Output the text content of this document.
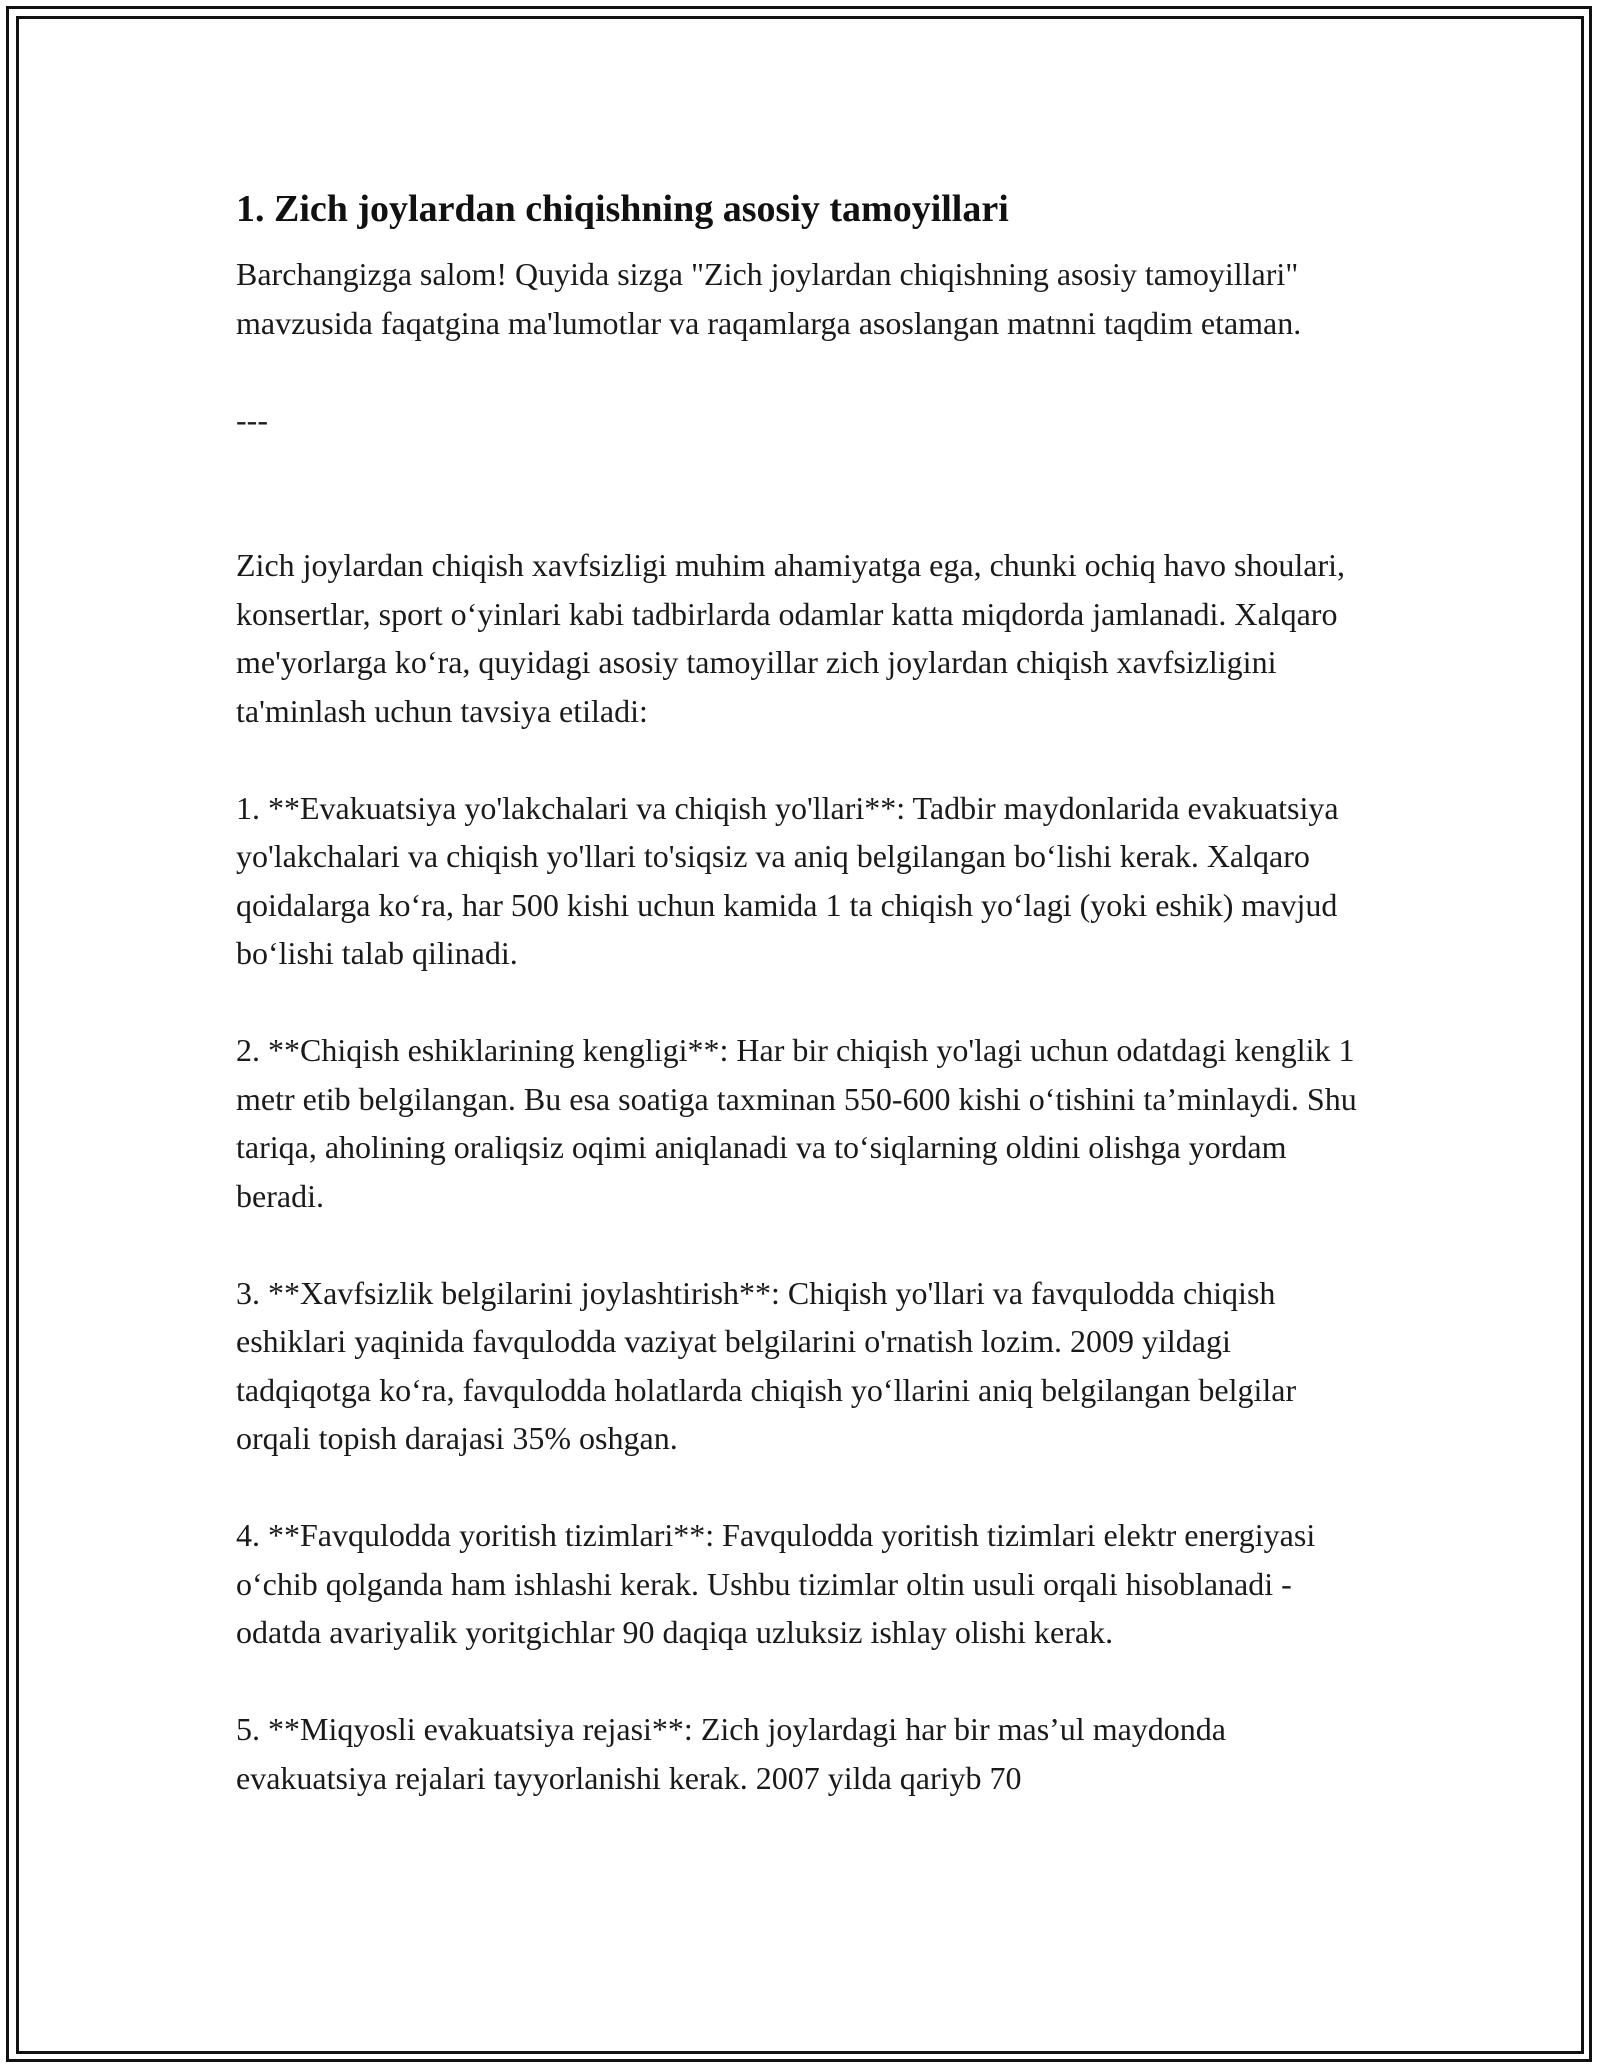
1. Zich joylardan chiqishning asosiy tamoyillari

Barchangizga salom! Quyida sizga "Zich joylardan chiqishning asosiy tamoyillari" mavzusida faqatgina ma'lumotlar va raqamlarga asoslangan matnni taqdim etaman.

---

Zich joylardan chiqish xavfsizligi muhim ahamiyatga ega, chunki ochiq havo shoulari, konsertlar, sport oʻyinlari kabi tadbirlarda odamlar katta miqdorda jamlanadi. Xalqaro me'yorlarga koʻra, quyidagi asosiy tamoyillar zich joylardan chiqish xavfsizligini ta'minlash uchun tavsiya etiladi:

1. **Evakuatsiya yo'lakchalari va chiqish yo'llari**: Tadbir maydonlarida evakuatsiya yo'lakchalari va chiqish yo'llari to'siqsiz va aniq belgilangan boʻlishi kerak. Xalqaro qoidalarga koʻra, har 500 kishi uchun kamida 1 ta chiqish yoʻlagi (yoki eshik) mavjud boʻlishi talab qilinadi.

2. **Chiqish eshiklarining kengligi**: Har bir chiqish yo'lagi uchun odatdagi kenglik 1 metr etib belgilangan. Bu esa soatiga taxminan 550-600 kishi oʻtishini ta’minlaydi. Shu tariqa, aholining oraliqsiz oqimi aniqlanadi va toʻsiqlarning oldini olishga yordam beradi.

3. **Xavfsizlik belgilarini joylashtirish**: Chiqish yo'llari va favqulodda chiqish eshiklari yaqinida favqulodda vaziyat belgilarini o'rnatish lozim. 2009 yildagi tadqiqotga koʻra, favqulodda holatlarda chiqish yoʻllarini aniq belgilangan belgilar orqali topish darajasi 35% oshgan.

4. **Favqulodda yoritish tizimlari**: Favqulodda yoritish tizimlari elektr energiyasi oʻchib qolganda ham ishlashi kerak. Ushbu tizimlar oltin usuli orqali hisoblanadi - odatda avariyalik yoritgichlar 90 daqiqa uzluksiz ishlay olishi kerak.

5. **Miqyosli evakuatsiya rejasi**: Zich joylardagi har bir mas’ul maydonda evakuatsiya rejalari tayyorlanishi kerak. 2007 yilda qariyb 70
